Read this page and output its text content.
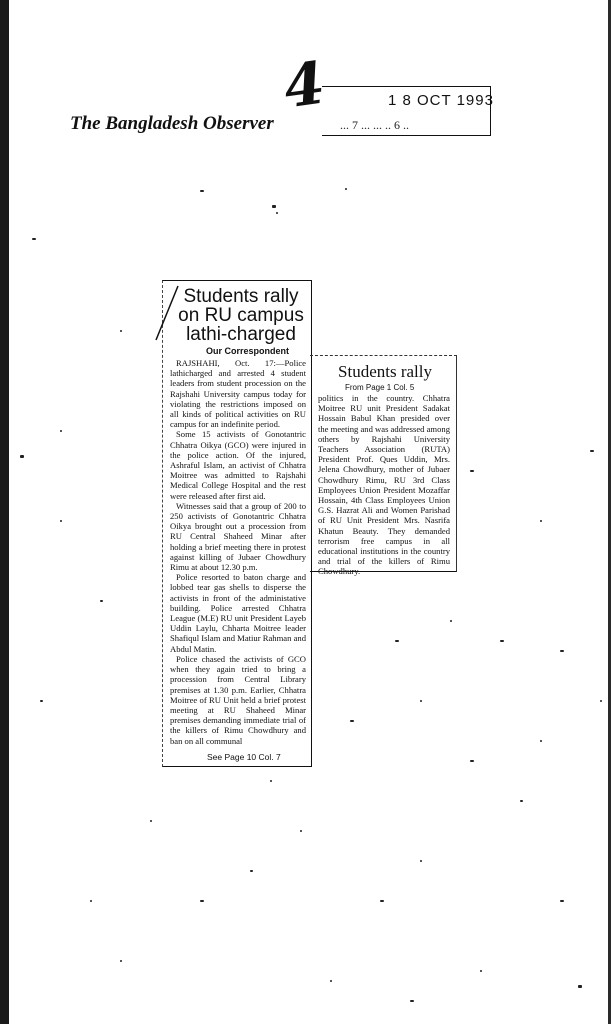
The Bangladesh Observer
4	1 8 OCT 1993
... 7 ... ... .. 6 ..
Students rally
on RU campus
lathi-charged
Our Correspondent

RAJSHAHI, Oct. 17:—Police lathicharged and arrested 4 student leaders from student procession on the Rajshahi University campus today for violating the restrictions imposed on all kinds of political activities on RU campus for an indefinite period.

Some 15 activists of Gonotantric Chhatra Oikya (GCO) were injured in the police action. Of the injured, Ashraful Islam, an activist of Chhatra Moitree was admitted to Rajshahi Medical College Hospital and the rest were released after first aid.

Witnesses said that a group of 200 to 250 activists of Gonotantric Chhatra Oikya brought out a procession from RU Central Shaheed Minar after holding a brief meeting there in protest against killing of Jubaer Chowdhury Rimu at about 12.30 p.m.

Police resorted to baton charge and lobbed tear gas shells to disperse the activists in front of the administative building. Police arrested Chhatra League (M.E) RU unit President Layeb Uddin Laylu, Chharta Moitree leader Shafiqul Islam and Matiur Rahman and Abdul Matin.

Police chased the activists of GCO when they again tried to bring a procession from Central Library premises at 1.30 p.m. Earlier, Chhatra Moitree of RU Unit held a brief protest meeting at RU Shaheed Minar premises demanding immediate trial of the killers of Rimu Chowdhury and ban on all communal

See Page 10 Col. 7
Students rally
From Page 1 Col. 5

politics in the country. Chhatra Moitree RU unit President Sadakat Hossain Babul Khan presided over the meeting and was addressed among others by Rajshahi University Teachers Association (RUTA) President Prof. Ques Uddin, Mrs. Jelena Chowdhury, mother of Jubaer Chowdhury Rimu, RU 3rd Class Employees Union President Mozaffar Hossain, 4th Class Employees Union G.S. Hazrat Ali and Women Parishad of RU Unit President Mrs. Nasrifa Khatun Beauty. They demanded terrorism free campus in all educational institutions in the country and trial of the killers of Rimu Chowdhury.
